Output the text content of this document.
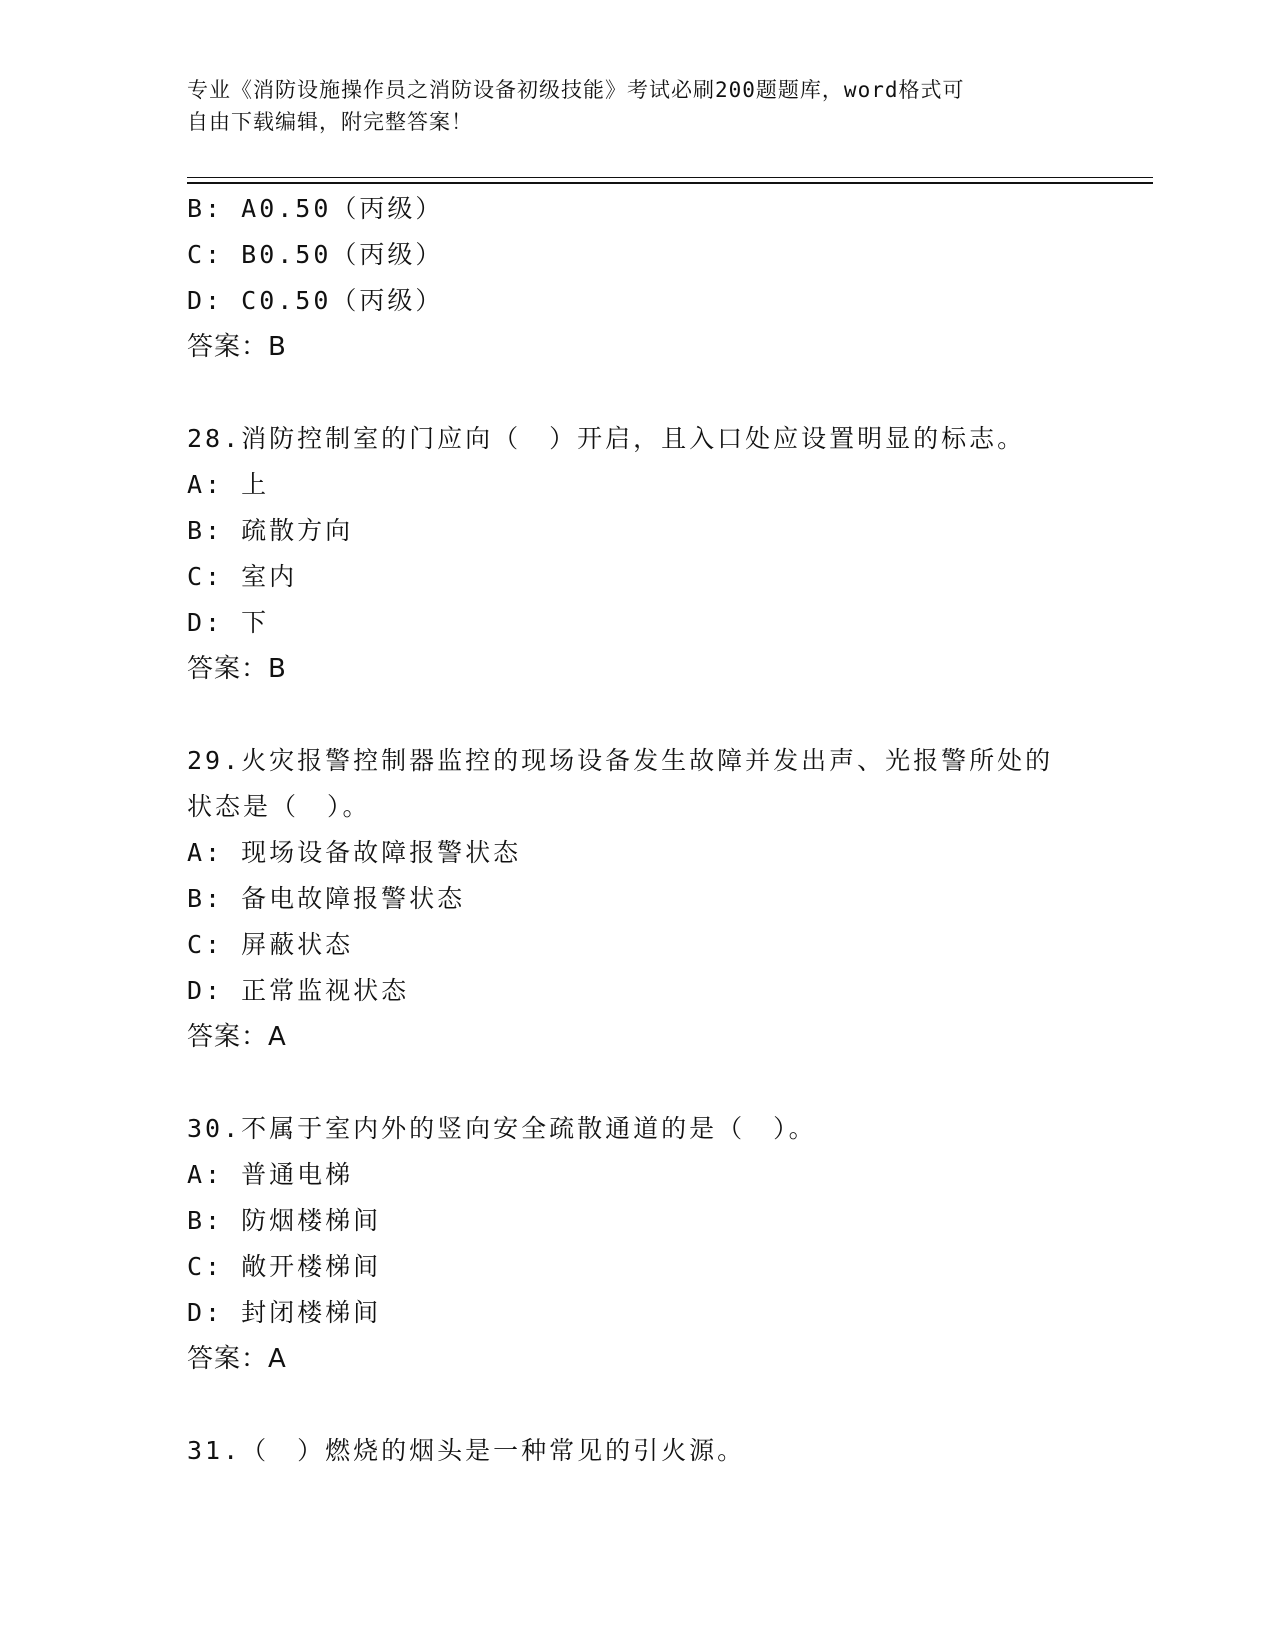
专业《消防设施操作员之消防设备初级技能》考试必刷200题题库，word格式可
自由下载编辑，附完整答案！
B: A0.50（丙级）
C: B0.50（丙级）
D: C0.50（丙级）
答案：B
28.消防控制室的门应向（　）开启，且入口处应设置明显的标志。
A: 上
B: 疏散方向
C: 室内
D: 下
答案：B
29.火灾报警控制器监控的现场设备发生故障并发出声、光报警所处的
状态是（　）。
A: 现场设备故障报警状态
B: 备电故障报警状态
C: 屏蔽状态
D: 正常监视状态
答案：A
30.不属于室内外的竖向安全疏散通道的是（　）。
A: 普通电梯
B: 防烟楼梯间
C: 敞开楼梯间
D: 封闭楼梯间
答案：A
31.（　）燃烧的烟头是一种常见的引火源。
